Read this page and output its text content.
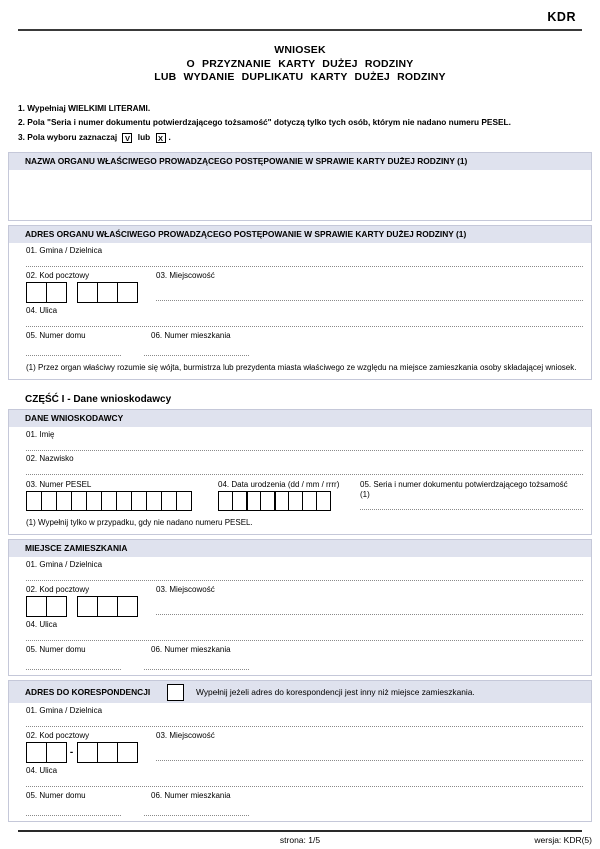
KDR
WNIOSEK
O PRZYZNANIE KARTY DUŻEJ RODZINY
LUB WYDANIE DUPLIKATU KARTY DUŻEJ RODZINY
1. Wypełniaj WIELKIMI LITERAMI.
2. Pola "Seria i numer dokumentu potwierdzającego tożsamość" dotyczą tylko tych osób, którym nie nadano numeru PESEL.
3. Pola wyboru zaznaczaj V lub X .
NAZWA ORGANU WŁAŚCIWEGO PROWADZĄCEGO POSTĘPOWANIE W SPRAWIE KARTY DUŻEJ RODZINY (1)
ADRES ORGANU WŁAŚCIWEGO PROWADZĄCEGO POSTĘPOWANIE W SPRAWIE KARTY DUŻEJ RODZINY (1)
01. Gmina / Dzielnica
02. Kod pocztowy	03. Miejscowość
04. Ulica
05. Numer domu	06. Numer mieszkania
(1) Przez organ właściwy rozumie się wójta, burmistrza lub prezydenta miasta właściwego ze względu na miejsce zamieszkania osoby składającej wniosek.
CZĘŚĆ I - Dane wnioskodawcy
DANE WNIOSKODAWCY
01. Imię
02. Nazwisko
03. Numer PESEL	04. Data urodzenia (dd / mm / rrrr)	05. Seria i numer dokumentu potwierdzającego tożsamość (1)
(1) Wypełnij tylko w przypadku, gdy nie nadano numeru PESEL.
MIEJSCE ZAMIESZKANIA
01. Gmina / Dzielnica
02. Kod pocztowy	03. Miejscowość
04. Ulica
05. Numer domu	06. Numer mieszkania
ADRES DO KORESPONDENCJI	Wypełnij jeżeli adres do korespondencji jest inny niż miejsce zamieszkania.
01. Gmina / Dzielnica
02. Kod pocztowy
-
03. Miejscowość
04. Ulica
05. Numer domu	06. Numer mieszkania
strona: 1/5	wersja: KDR(5)
